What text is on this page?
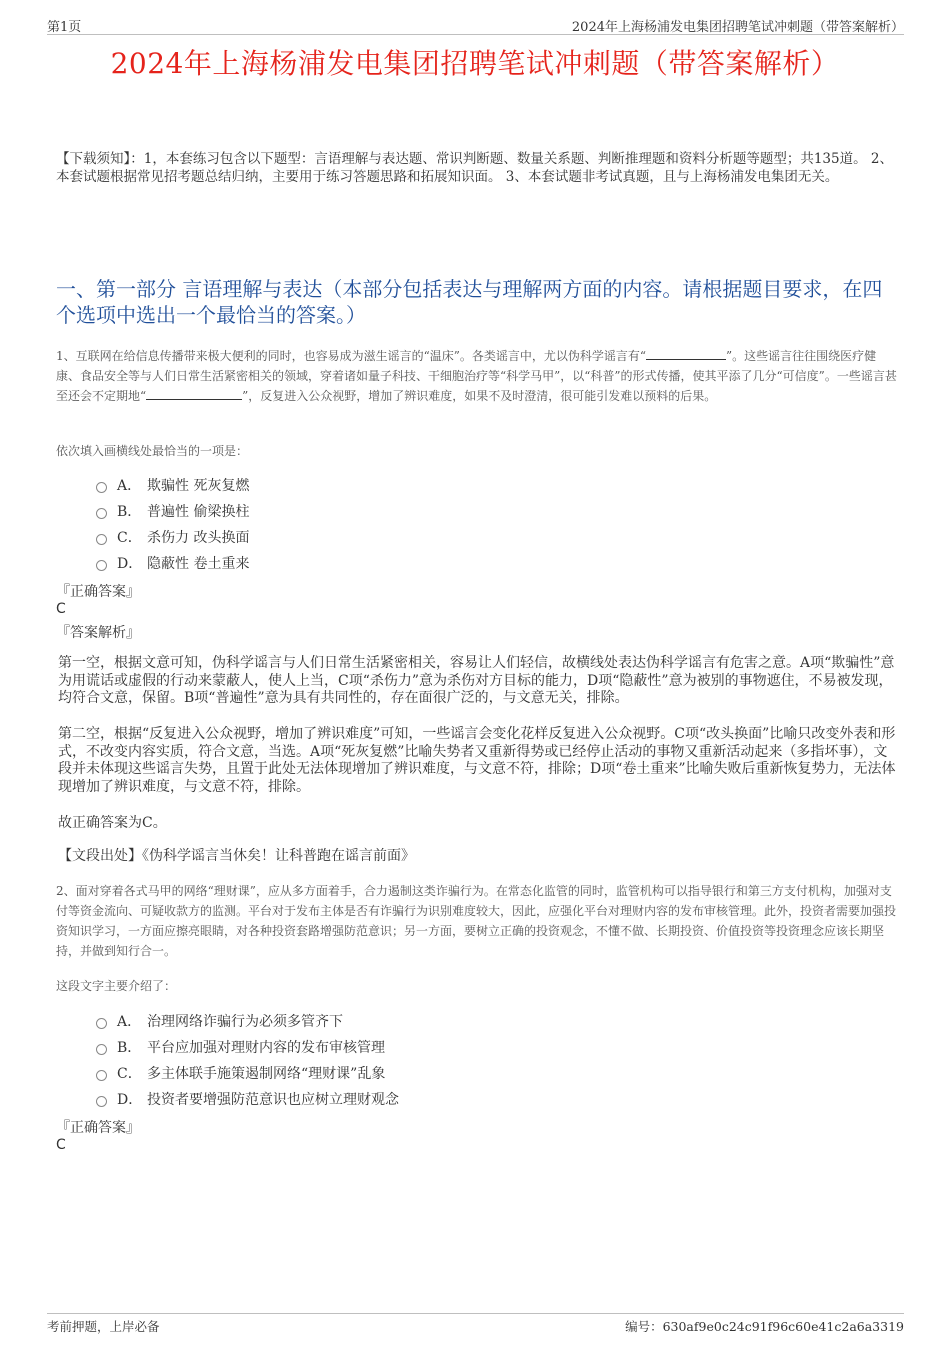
第1页	2024年上海杨浦发电集团招聘笔试冲刺题（带答案解析）
2024年上海杨浦发电集团招聘笔试冲刺题（带答案解析）

【下载须知】：1，本套练习包含以下题型：言语理解与表达题、常识判断题、数量关系题、判断推理题和资料分析题等题型；共135道。 2、本套试题根据常见招考题总结归纳，主要用于练习答题思路和拓展知识面。 3、本套试题非考试真题，且与上海杨浦发电集团无关。

一、第一部分 言语理解与表达（本部分包括表达与理解两方面的内容。请根据题目要求，在四个选项中选出一个最恰当的答案。）

1、互联网在给信息传播带来极大便利的同时，也容易成为滋生谣言的“温床”。各类谣言中，尤以伪科学谣言有“	”。这些谣言往往围绕医疗健康、食品安全等与人们日常生活紧密相关的领域，穿着诸如量子科技、干细胞治疗等“科学马甲”，以“科普”的形式传播，使其平添了几分“可信度”。一些谣言甚至还会不定期地“	”，反复进入公众视野，增加了辨识难度，如果不及时澄清，很可能引发难以预料的后果。

依次填入画横线处最恰当的一项是：

A． 欺骗性 死灰复燃
B． 普遍性 偷梁换柱
C． 杀伤力 改头换面
D． 隐蔽性 卷土重来

『正确答案』

C

『答案解析』

第一空，根据文意可知，伪科学谣言与人们日常生活紧密相关，容易让人们轻信，故横线处表达伪科学谣言有危害之意。A项“欺骗性”意为用谎话或虚假的行动来蒙蔽人，使人上当，C项“杀伤力”意为杀伤对方目标的能力，D项“隐蔽性”意为被别的事物遮住，不易被发现，均符合文意，保留。B项“普遍性”意为具有共同性的，存在面很广泛的，与文意无关，排除。

第二空，根据“反复进入公众视野，增加了辨识难度”可知，一些谣言会变化花样反复进入公众视野。C项“改头换面”比喻只改变外表和形式，不改变内容实质，符合文意，当选。A项“死灰复燃”比喻失势者又重新得势或已经停止活动的事物又重新活动起来（多指坏事），文段并未体现这些谣言失势，且置于此处无法体现增加了辨识难度，与文意不符，排除；D项“卷土重来”比喻失败后重新恢复势力，无法体现增加了辨识难度，与文意不符，排除。

故正确答案为C。

【文段出处】《伪科学谣言当休矣！让科普跑在谣言前面》

2、面对穿着各式马甲的网络“理财课”，应从多方面着手，合力遏制这类诈骗行为。在常态化监管的同时，监管机构可以指导银行和第三方支付机构，加强对支付等资金流向、可疑收款方的监测。平台对于发布主体是否有诈骗行为识别难度较大，因此，应强化平台对理财内容的发布审核管理。此外，投资者需要加强投资知识学习，一方面应擦亮眼睛，对各种投资套路增强防范意识；另一方面，要树立正确的投资观念，不懂不做、长期投资、价值投资等投资理念应该长期坚持，并做到知行合一。

这段文字主要介绍了：

A． 治理网络诈骗行为必须多管齐下
B． 平台应加强对理财内容的发布审核管理
C． 多主体联手施策遏制网络“理财课”乱象
D． 投资者要增强防范意识也应树立理财观念

『正确答案』

C

考前押题，上岸必备	编号：630af9e0c24c91f96c60e41c2a6a3319
